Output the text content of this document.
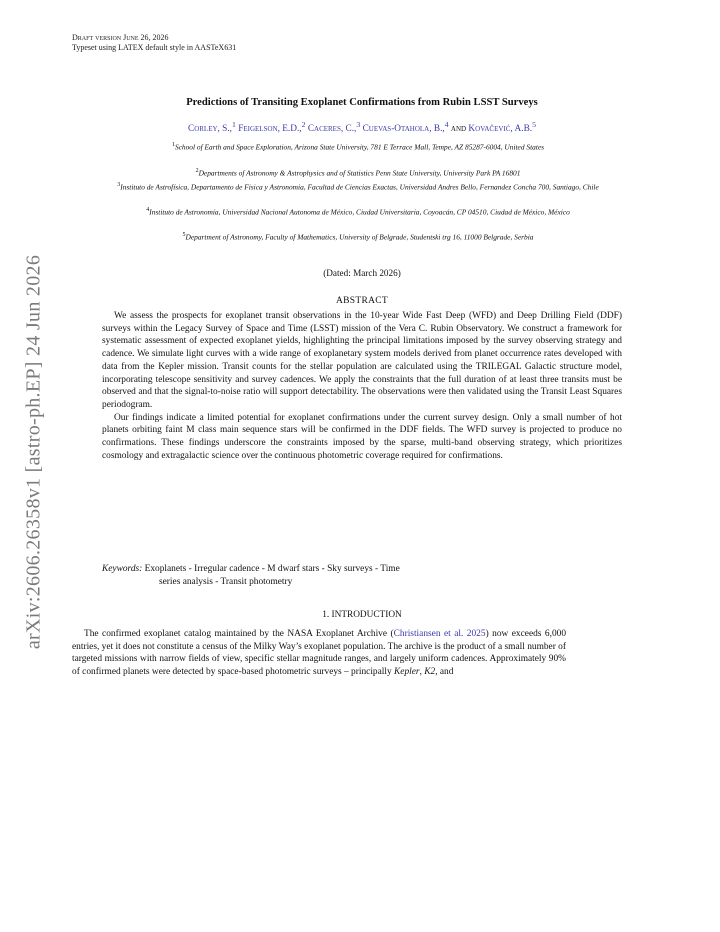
arXiv:2606.26358v1 [astro-ph.EP] 24 Jun 2026
Draft version June 26, 2026
Typeset using LATEX default style in AASTeX631
Predictions of Transiting Exoplanet Confirmations from Rubin LSST Surveys
Corley, S.,$^1$ Feigelson, E.D.,$^2$ Caceres, C.,$^3$ Cuevas-Otahola, B.,$^4$ and Kovačević, A.B.$^5$
$^1$School of Earth and Space Exploration, Arizona State University, 781 E Terrace Mall, Tempe, AZ 85287-6004, United States
$^2$Departments of Astronomy & Astrophysics and of Statistics Penn State University, University Park PA 16801
$^3$Instituto de Astrofísica, Departamento de Fisica y Astronomia, Facultad de Ciencias Exactas, Universidad Andres Bello, Fernandez Concha 700, Santiago, Chile
$^4$Instituto de Astronomía, Universidad Nacional Autonoma de México, Ciudad Universitaria, Coyoacán, CP 04510, Ciudad de México, México
$^5$Department of Astronomy, Faculty of Mathematics, University of Belgrade, Studentski trg 16, 11000 Belgrade, Serbia
(Dated: March 2026)
ABSTRACT

We assess the prospects for exoplanet transit observations in the 10-year Wide Fast Deep (WFD) and Deep Drilling Field (DDF) surveys within the Legacy Survey of Space and Time (LSST) mission of the Vera C. Rubin Observatory. We construct a framework for systematic assessment of expected exoplanet yields, highlighting the principal limitations imposed by the survey observing strategy and cadence. We simulate light curves with a wide range of exoplanetary system models derived from planet occurrence rates developed with data from the Kepler mission. Transit counts for the stellar population are calculated using the TRILEGAL Galactic structure model, incorporating telescope sensitivity and survey cadences. We apply the constraints that the full duration of at least three transits must be observed and that the signal-to-noise ratio will support detectability. The observations were then validated using the Transit Least Squares periodogram.

Our findings indicate a limited potential for exoplanet confirmations under the current survey design. Only a small number of hot planets orbiting faint M class main sequence stars will be confirmed in the DDF fields. The WFD survey is projected to produce no confirmations. These findings underscore the constraints imposed by the sparse, multi-band observing strategy, which prioritizes cosmology and extragalactic science over the continuous photometric coverage required for confirmations.

Keywords: Exoplanets - Irregular cadence - M dwarf stars - Sky surveys - Time
series analysis - Transit photometry
1. INTRODUCTION

The confirmed exoplanet catalog maintained by the NASA Exoplanet Archive (Christiansen et al. 2025) now exceeds 6,000 entries, yet it does not constitute a census of the Milky Way’s exoplanet population. The archive is the product of a small number of targeted missions with narrow fields of view, specific stellar magnitude ranges, and largely uniform cadences. Approximately 90% of confirmed planets were detected by space-based photometric surveys – principally Kepler, K2, and
